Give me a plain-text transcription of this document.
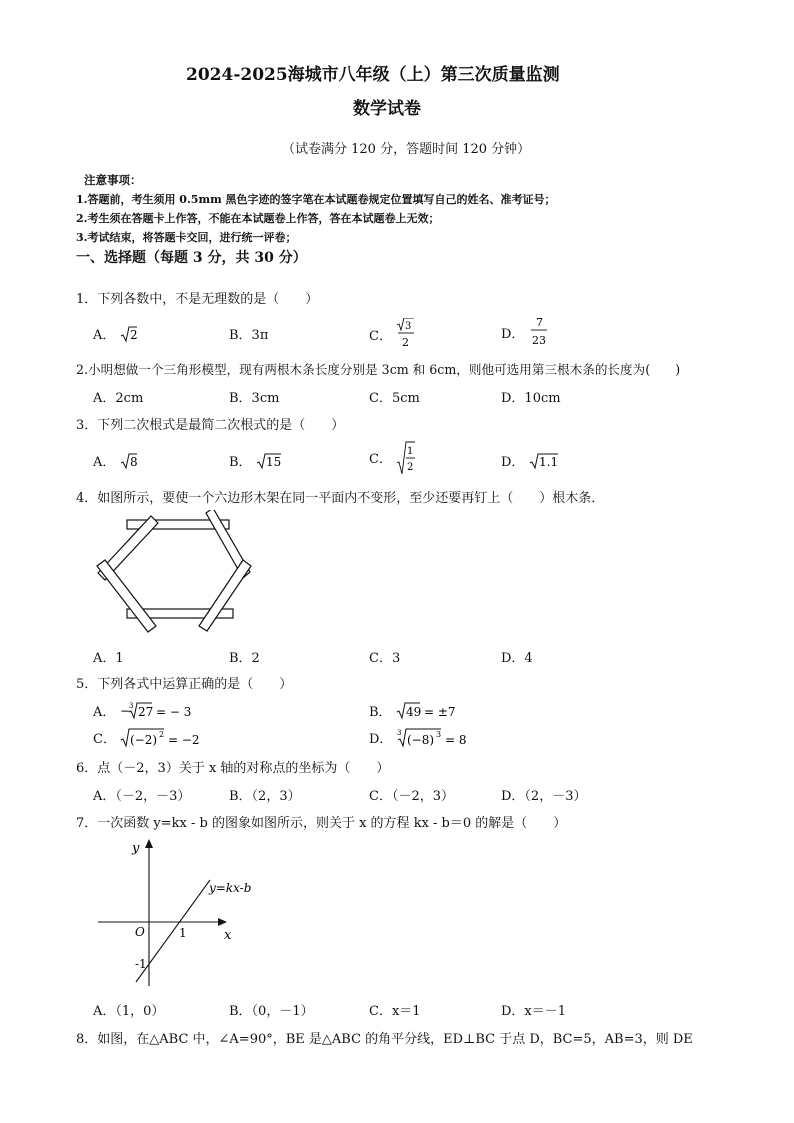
2024-2025海城市八年级（上）第三次质量监测
数学试卷
（试卷满分 120 分，答题时间 120 分钟）
注意事项：
1.答题前，考生须用 0.5mm 黑色字迹的签字笔在本试题卷规定位置填写自己的姓名、准考证号；
2.考生须在答题卡上作答，不能在本试题卷上作答，答在本试题卷上无效；
3.考试结束，将答题卡交回，进行统一评卷；
一、选择题（每题 3 分，共 30 分）
1．下列各数中，不是无理数的是（　　）
A． 2	B．3π	C．
3
2
D．
7
23
2.小明想做一个三角形模型，现有两根木条长度分别是 3cm 和 6cm，则他可选用第三根木条的长度为(　　)
A．2cm	B．3cm	C．5cm	D．10cm
3．下列二次根式是最简二次根式的是（　　）
A． 8	B． 15	C．
1
2	D． 1.1
4．如图所示，要使一个六边形木架在同一平面内不变形，至少还要再钉上（　　）根木条．
A．1	B．2	C．3	D．4
5．下列各式中运算正确的是（　　）
A． −
3 27 = − 3	B． 49 = ±7
C． (−2) 2 = −2	D． 3 (−8) 3 = 8
6．点（－2，3）关于 x 轴的对称点的坐标为（　　）
A．（－2，－3）	B．（2，3）	C．（－2，3）	D．（2，－3）
7．一次函数 y=kx - b 的图象如图所示，则关于 x 的方程 kx - b＝0 的解是（　　）
y
x
O	1
-1
y=kx-b
A．（1，0）	B．（0，－1）	C．x＝1	D．x＝－1
8．如图，在△ABC 中，∠A=90°，BE 是△ABC 的角平分线，ED⊥BC 于点 D，BC=5，AB=3，则 DE
